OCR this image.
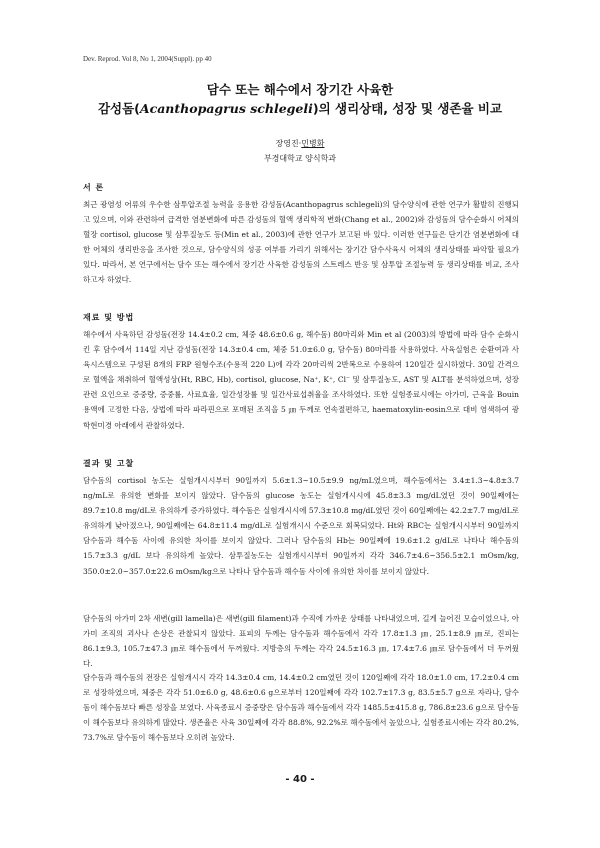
Dev. Reprod. Vol 8, No 1, 2004(Suppl). pp 40
담수 또는 해수에서 장기간 사육한
감성돔(Acanthopagrus schlegeli)의 생리상태, 성장 및 생존율 비교
장영진·민병화
부경대학교 양식학과
서 론

최근 광염성 어류의 우수한 삼투압조절 능력을 응용한 감성돔(Acanthopagrus schlegeli)의 담수양식에 관한 연구가 활발히 진행되고 있으며, 이와 관련하여 급격한 염분변화에 따른 감성돔의 혈액 생리학적 변화(Chang et al., 2002)와 감성돔의 담수순화시 어체의 혈장 cortisol, glucose 및 삼투질농도 등(Min et al., 2003)에 관한 연구가 보고된 바 있다. 이러한 연구들은 단기간 염분변화에 대한 어체의 생리반응을 조사한 것으로, 담수양식의 성공 여부를 가리기 위해서는 장기간 담수사육시 어체의 생리상태를 파악할 필요가 있다. 따라서, 본 연구에서는 담수 또는 해수에서 장기간 사육한 감성돔의 스트레스 반응 및 삼투압 조절능력 등 생리상태를 비교, 조사하고자 하였다.

재료 및 방법

해수에서 사육하던 감성돔(전장 14.4±0.2 cm, 체중 48.6±0.6 g, 해수돔) 80마리와 Min et al (2003)의 방법에 따라 담수 순화시킨 후 담수에서 114일 지난 감성돔(전장 14.3±0.4 cm, 체중 51.0±6.0 g, 담수돔) 80마리를 사용하였다. 사육실험은 순환여과 사육시스템으로 구성된 8개의 FRP 원형수조(수용적 220 L)에 각각 20마리씩 2반복으로 수용하여 120일간 실시하였다. 30일 간격으로 혈액을 채취하여 혈액성상(Ht, RBC, Hb), cortisol, glucose, Na⁺, K⁺, Cl⁻ 및 삼투질농도, AST 및 ALT를 분석하였으며, 성장관련 요인으로 증중량, 증중률, 사료효율, 일간성장률 및 일간사료섭취율을 조사하였다. 또한 실험종료시에는 아가미, 근육을 Bouin 용액에 고정한 다음, 상법에 따라 파라핀으로 포매된 조직을 5 ㎛ 두께로 연속절편하고, haematoxylin-eosin으로 대비 염색하여 광학현미경 아래에서 관찰하였다.

결과 및 고찰

담수돔의 cortisol 농도는 실험개시시부터 90일까지 5.6±1.3~10.5±9.9 ng/mL였으며, 해수돔에서는 3.4±1.3~4.8±3.7 ng/mL로 유의한 변화를 보이지 않았다. 담수돔의 glucose 농도는 실험개시시에 45.8±3.3 mg/dL였던 것이 90일째에는 89.7±10.8 mg/dL로 유의하게 증가하였다. 해수돔은 실험개시시에 57.3±10.8 mg/dL였던 것이 60일째에는 42.2±7.7 mg/dL로 유의하게 낮아졌으나, 90일째에는 64.8±11.4 mg/dL로 실험개시시 수준으로 회복되었다. Ht와 RBC는 실험개시시부터 90일까지 담수돔과 해수돔 사이에 유의한 차이를 보이지 않았다. 그러나 담수돔의 Hb는 90일째에 19.6±1.2 g/dL로 나타나 해수돔의 15.7±3.3 g/dL 보다 유의하게 높았다. 삼투질농도는 실험개시시부터 90일까지 각각 346.7±4.6~356.5±2.1 mOsm/kg, 350.0±2.0~357.0±22.6 mOsm/kg으로 나타나 담수돔과 해수돔 사이에 유의한 차이를 보이지 않았다.

담수돔의 아가미 2차 새변(gill lamella)은 새변(gill filament)과 수직에 가까운 상태를 나타내었으며, 길게 늘어진 모습이었으나, 아가미 조직의 괴사나 손상은 관찰되지 않았다. 표피의 두께는 담수돔과 해수돔에서 각각 17.8±1.3 ㎛, 25.1±8.9 ㎛로, 진피는 86.1±9.3, 105.7±47.3 ㎛로 해수돔에서 두꺼웠다. 지방층의 두께는 각각 24.5±16.3 ㎛, 17.4±7.6 ㎛로 담수돔에서 더 두꺼웠다.

담수돔과 해수돔의 전장은 실험개시시 각각 14.3±0.4 cm, 14.4±0.2 cm였던 것이 120일째에 각각 18.0±1.0 cm, 17.2±0.4 cm로 성장하였으며, 체중은 각각 51.0±6.0 g, 48.6±0.6 g으로부터 120일째에 각각 102.7±17.3 g, 83.5±5.7 g으로 자라나, 담수돔이 해수돔보다 빠른 성장을 보였다. 사육종료시 증중량은 담수돔과 해수돔에서 각각 1485.5±415.8 g, 786.8±23.6 g으로 담수돔이 해수돔보다 유의하게 많았다. 생존율은 사육 30일째에 각각 88.8%, 92.2%로 해수돔에서 높았으나, 실험종료시에는 각각 80.2%, 73.7%로 담수돔이 해수돔보다 오히려 높았다.

- 40 -
